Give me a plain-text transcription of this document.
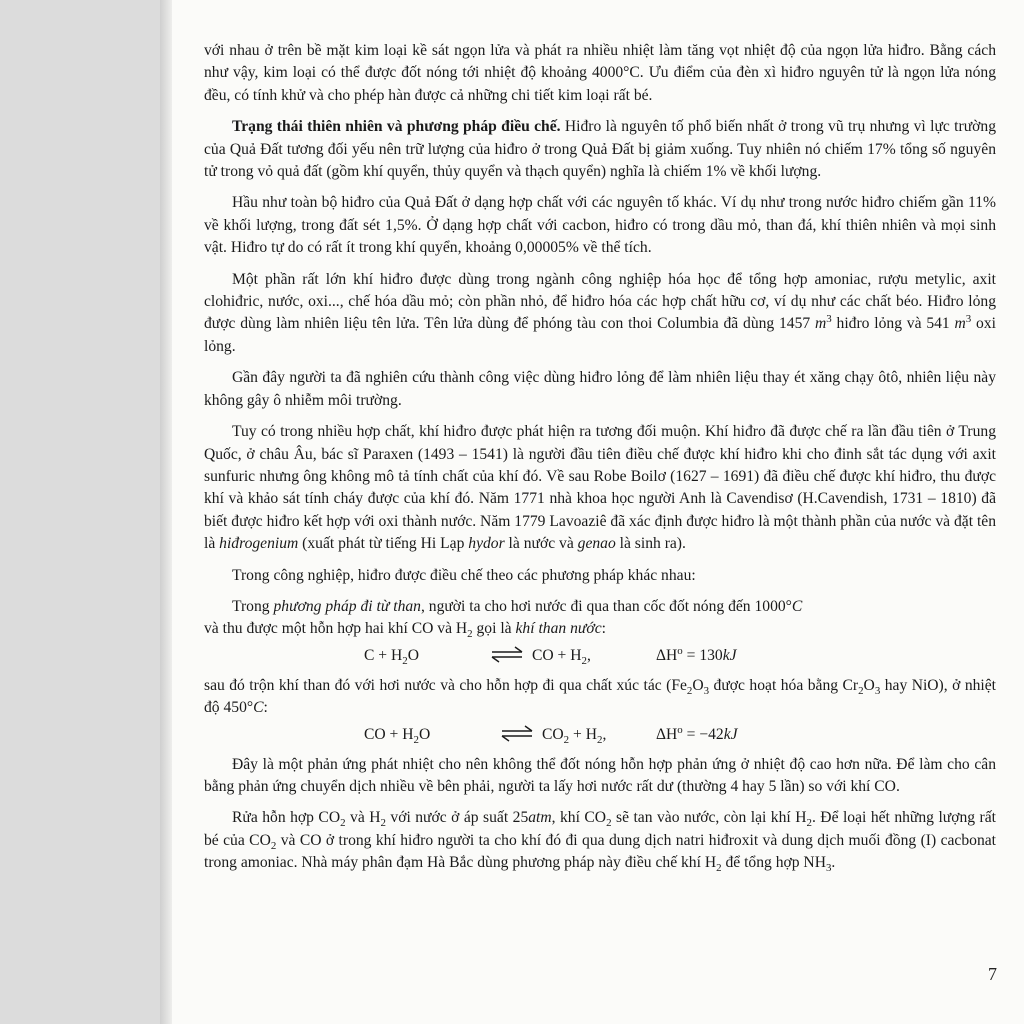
với nhau ở trên bề mặt kim loại kề sát ngọn lửa và phát ra nhiều nhiệt làm tăng vọt nhiệt độ của ngọn lửa hiđro. Bằng cách như vậy, kim loại có thể được đốt nóng tới nhiệt độ khoảng 4000°C. Ưu điểm của đèn xì hiđro nguyên tử là ngọn lửa nóng đều, có tính khử và cho phép hàn được cả những chi tiết kim loại rất bé.

Trạng thái thiên nhiên và phương pháp điều chế. Hiđro là nguyên tố phổ biến nhất ở trong vũ trụ nhưng vì lực trường của Quả Đất tương đối yếu nên trữ lượng của hiđro ở trong Quả Đất bị giảm xuống. Tuy nhiên nó chiếm 17% tổng số nguyên tử trong vỏ quả đất (gồm khí quyển, thủy quyển và thạch quyển) nghĩa là chiếm 1% về khối lượng.

Hầu như toàn bộ hiđro của Quả Đất ở dạng hợp chất với các nguyên tố khác. Ví dụ như trong nước hiđro chiếm gần 11% về khối lượng, trong đất sét 1,5%. Ở dạng hợp chất với cacbon, hiđro có trong dầu mỏ, than đá, khí thiên nhiên và mọi sinh vật. Hiđro tự do có rất ít trong khí quyển, khoảng 0,00005% về thể tích.

Một phần rất lớn khí hiđro được dùng trong ngành công nghiệp hóa học để tổng hợp amoniac, rượu metylic, axit clohiđric, nước, oxi..., chế hóa dầu mỏ; còn phần nhỏ, để hiđro hóa các hợp chất hữu cơ, ví dụ như các chất béo. Hiđro lỏng được dùng làm nhiên liệu tên lửa. Tên lửa dùng để phóng tàu con thoi Columbia đã dùng 1457 $m^3$ hiđro lỏng và 541 $m^3$ oxi lỏng.

Gần đây người ta đã nghiên cứu thành công việc dùng hiđro lỏng để làm nhiên liệu thay ét xăng chạy ôtô, nhiên liệu này không gây ô nhiễm môi trường.

Tuy có trong nhiều hợp chất, khí hiđro được phát hiện ra tương đối muộn. Khí hiđro đã được chế ra lần đầu tiên ở Trung Quốc, ở châu Âu, bác sĩ Paraxen (1493 – 1541) là người đầu tiên điều chế được khí hiđro khi cho đinh sắt tác dụng với axit sunfuric nhưng ông không mô tả tính chất của khí đó. Về sau Robe Boilơ (1627 – 1691) đã điều chế được khí hiđro, thu được khí và khảo sát tính cháy được của khí đó. Năm 1771 nhà khoa học người Anh là Cavendisơ (H.Cavendish, 1731 – 1810) đã biết được hiđro kết hợp với oxi thành nước. Năm 1779 Lavoaziê đã xác định được hiđro là một thành phần của nước và đặt tên là hiđrogenium (xuất phát từ tiếng Hi Lạp hydor là nước và genao là sinh ra).

Trong công nghiệp, hiđro được điều chế theo các phương pháp khác nhau:

Trong phương pháp đi từ than, người ta cho hơi nước đi qua than cốc đốt nóng đến 1000°C
và thu được một hỗn hợp hai khí CO và $H_2$ gọi là khí than nước:

$C + H_2O$	⇌ CO + $H_2$,	$\Delta H^o = 130kJ$

sau đó trộn khí than đó với hơi nước và cho hỗn hợp đi qua chất xúc tác ($Fe_2O_3$ được hoạt hóa bằng $Cr_2O_3$ hay NiO), ở nhiệt độ 450°C:

CO + $H_2O$	⇌ $CO_2 + H_2$,	$\Delta H^o = -42kJ$

Đây là một phản ứng phát nhiệt cho nên không thể đốt nóng hỗn hợp phản ứng ở nhiệt độ cao hơn nữa. Để làm cho cân bằng phản ứng chuyển dịch nhiều về bên phải, người ta lấy hơi nước rất dư (thường 4 hay 5 lần) so với khí CO.

Rửa hỗn hợp $CO_2$ và $H_2$ với nước ở áp suất 25atm, khí $CO_2$ sẽ tan vào nước, còn lại khí $H_2$. Để loại hết những lượng rất bé của $CO_2$ và CO ở trong khí hiđro người ta cho khí đó đi qua dung dịch natri hiđroxit và dung dịch muối đồng (I) cacbonat trong amoniac. Nhà máy phân đạm Hà Bắc dùng phương pháp này điều chế khí $H_2$ để tổng hợp $NH_3$.

7
